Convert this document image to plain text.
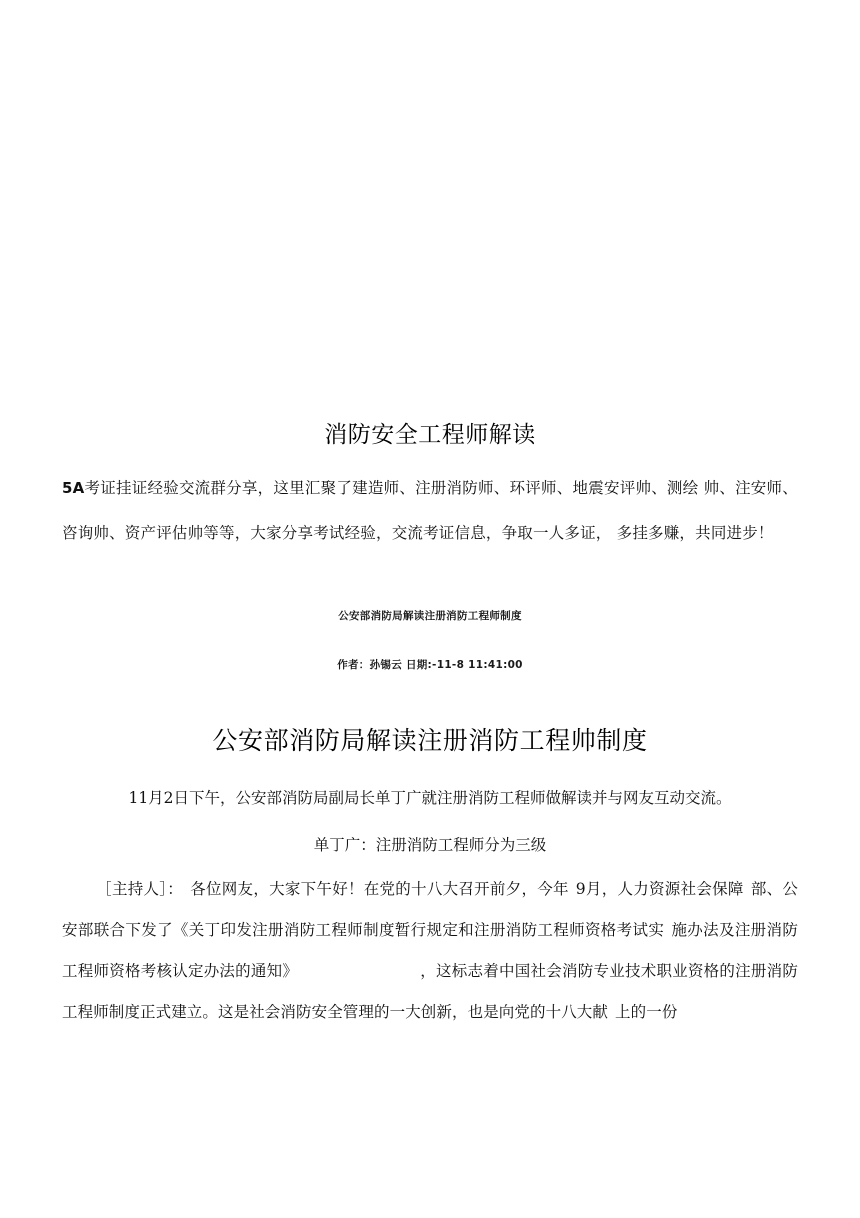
消防安全工程师解读

5A考证挂证经验交流群分享，这里汇聚了建造师、注册消防师、环评师、地震安评帅、测绘 帅、注安师、咨询帅、资产评估帅等等，大家分享考试经验，交流考证信息，争取一人多证， 多挂多赚，共同进步！

公安部消防局解读注册消防工程师制度

作者：孙锡云 日期:-11-8 11:41:00

公安部消防局解读注册消防工程帅制度

11月2日下午，公安部消防局副局长单丁广就注册消防工程师做解读并与网友互动交流。

单丁广：注册消防工程师分为三级

［主持人］： 各位网友，大家下午好！在党的十八大召开前夕，今年 9月，人力资源社会保障 部、公安部联合下发了《关丁印发注册消防工程师制度暂行规定和注册消防工程师资格考试实 施办法及注册消防工程师资格考核认定办法的通知》	，这标志着中国社会消防专业技术职业资格的注册消防工程师制度正式建立。这是社会消防安全管理的一大创新，也是向党的十八大献 上的一份
